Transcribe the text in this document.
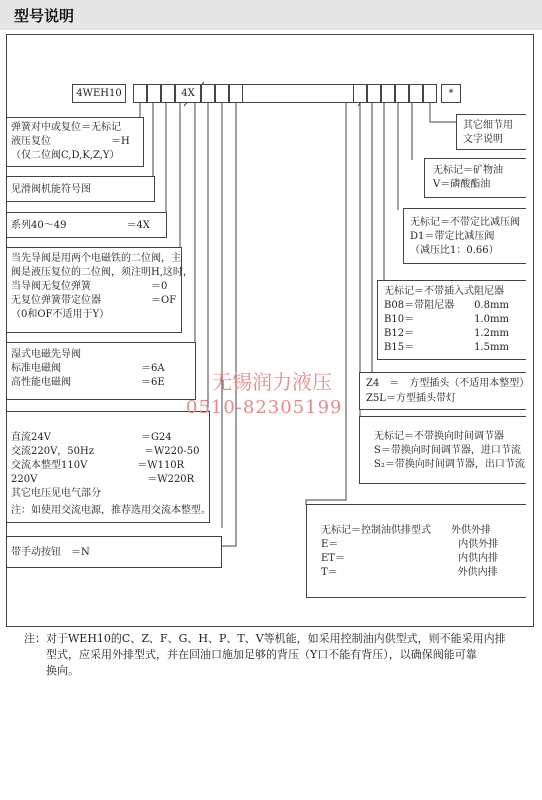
型号说明
4WEH10	4X	*
弹簧对中或复位＝无标记
液压复位　　　　　　＝H
（仅二位阀C,D,K,Z,Y）
见滑阀机能符号图
系列40～49　　　　　　＝4X
当先导阀是用两个电磁铁的二位阀，主
阀是液压复位的二位阀，须注明H,这时，
当导阀无复位弹簧　　　　　　＝0
无复位弹簧带定位器　　　　　＝OF
（0和OF不适用于Y）
湿式电磁先导阀
标准电磁阀　　　　　　　　＝6A
高性能电磁阀　　　　　　　＝6E
直流24V　　　　　　　　　＝G24
交流220V，50Hz　　　　　＝W220-50
交流本整型110V　　　　　＝W110R
220V　　　　　　　　　　　＝W220R
其它电压见电气部分
注：如使用交流电源，推荐选用交流本整型。
带手动按钮　＝N
其它细节用
文字说明
无标记＝矿物油
V＝磷酸酯油
无标记＝不带定比减压阀
D1＝带定比减压阀
（减压比1：0.66）
无标记＝不带插入式阻尼器
B08＝带阻尼器　　0.8mm
B10＝　　　　　　1.0mm
B12＝　　　　　　1.2mm
B15＝　　　　　　1.5mm
Z4　＝　方型插头（不适用本整型）
Z5L＝方型插头带灯
无标记＝不带换向时间调节器
S＝带换向时间调节器，进口节流
S₂＝带换向时间调节器，出口节流
无标记＝控制油供排型式　　外供外排
E＝　　　　　　　　　　　　内供外排
ET＝　　　　　　　　　　　 内供内排
T＝　　　　　　　　　　　　外供内排
无锡润力液压
0510-82305199
注：对于WEH10的C、Z、F、G、H、P、T、V等机能，如采用控制油内供型式，则不能采用内排
　　型式，应采用外排型式，并在回油口施加足够的背压（Y口不能有背压），以确保阀能可靠
　　换向。
